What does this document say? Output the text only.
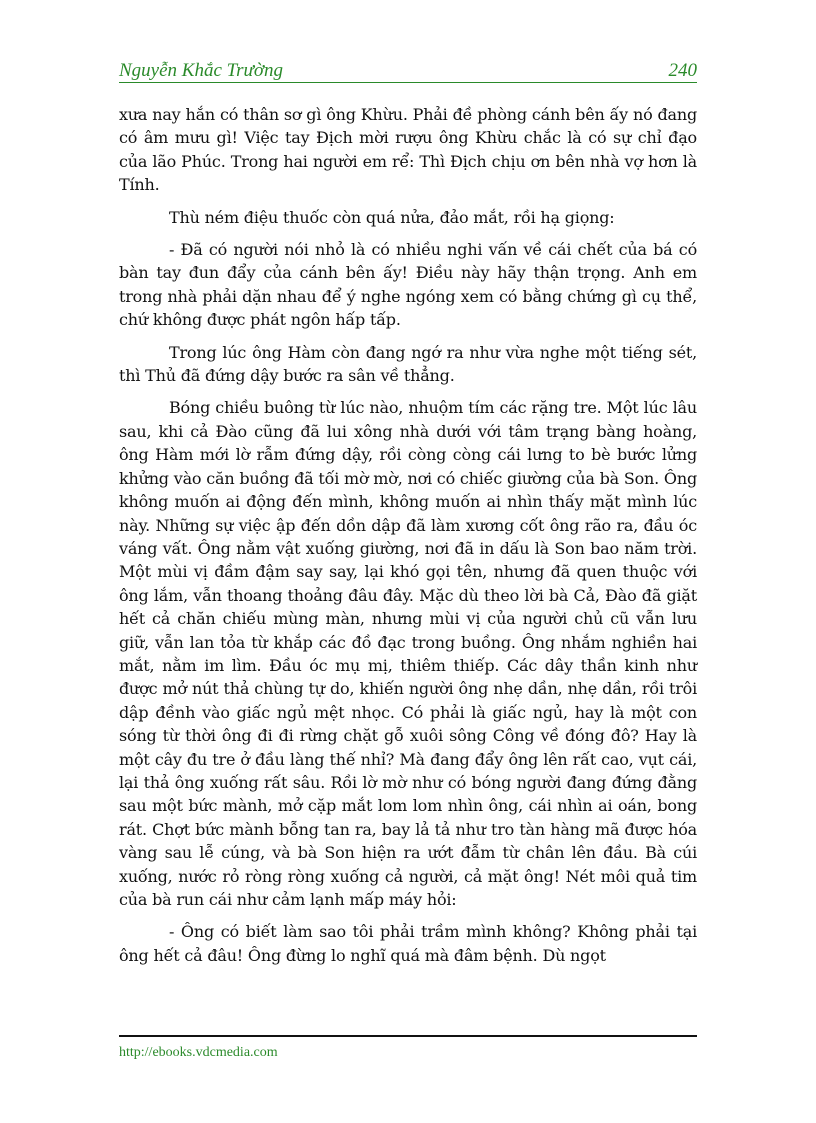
Nguyễn Khắc Trường	240

xưa nay hắn có thân sơ gì ông Khừu. Phải đề phòng cánh bên ấy nó đang có âm mưu gì! Việc tay Địch mời rượu ông Khừu chắc là có sự chỉ đạo của lão Phúc. Trong hai người em rể: Thì Địch chịu ơn bên nhà vợ hơn là Tính.

Thù ném điệu thuốc còn quá nửa, đảo mắt, rồi hạ giọng:

- Đã có người nói nhỏ là có nhiều nghi vấn về cái chết của bá có bàn tay đun đẩy của cánh bên ấy! Điều này hãy thận trọng. Anh em trong nhà phải dặn nhau để ý nghe ngóng xem có bằng chứng gì cụ thể, chứ không được phát ngôn hấp tấp.

Trong lúc ông Hàm còn đang ngớ ra như vừa nghe một tiếng sét, thì Thủ đã đứng dậy bước ra sân về thẳng.

Bóng chiều buông từ lúc nào, nhuộm tím các rặng tre. Một lúc lâu sau, khi cả Đào cũng đã lui xông nhà dưới với tâm trạng bàng hoàng, ông Hàm mới lờ rẫm đứng dậy, rồi còng còng cái lưng to bè bước lửng khửng vào căn buồng đã tối mờ mờ, nơi có chiếc giường của bà Son. Ông không muốn ai động đến mình, không muốn ai nhìn thấy mặt mình lúc này. Những sự việc ập đến dồn dập đã làm xương cốt ông rão ra, đầu óc váng vất. Ông nằm vật xuống giường, nơi đã in dấu là Son bao năm trời. Một mùi vị đầm đậm say say, lại khó gọi tên, nhưng đã quen thuộc với ông lắm, vẫn thoang thoảng đâu đây. Mặc dù theo lời bà Cả, Đào đã giặt hết cả chăn chiếu mùng màn, nhưng mùi vị của người chủ cũ vẫn lưu giữ, vẫn lan tỏa từ khắp các đồ đạc trong buồng. Ông nhắm nghiền hai mắt, nằm im lìm. Đầu óc mụ mị, thiêm thiếp. Các dây thần kinh như được mở nút thả chùng tự do, khiến người ông nhẹ dần, nhẹ dần, rồi trôi dập đềnh vào giấc ngủ mệt nhọc. Có phải là giấc ngủ, hay là một con sóng từ thời ông đi đi rừng chặt gỗ xuôi sông Công về đóng đô? Hay là một cây đu tre ở đầu làng thế nhỉ? Mà đang đẩy ông lên rất cao, vụt cái, lại thả ông xuống rất sâu. Rồi lờ mờ như có bóng người đang đứng đằng sau một bức mành, mở cặp mắt lom lom nhìn ông, cái nhìn ai oán, bong rát. Chợt bức mành bỗng tan ra, bay lả tả như tro tàn hàng mã được hóa vàng sau lễ cúng, và bà Son hiện ra ướt đẫm từ chân lên đầu. Bà cúi xuống, nước rỏ ròng ròng xuống cả người, cả mặt ông! Nét môi quả tim của bà run cái như cảm lạnh mấp máy hỏi:

- Ông có biết làm sao tôi phải trầm mình không? Không phải tại ông hết cả đâu! Ông đừng lo nghĩ quá mà đâm bệnh. Dù ngọt

http://ebooks.vdcmedia.com
